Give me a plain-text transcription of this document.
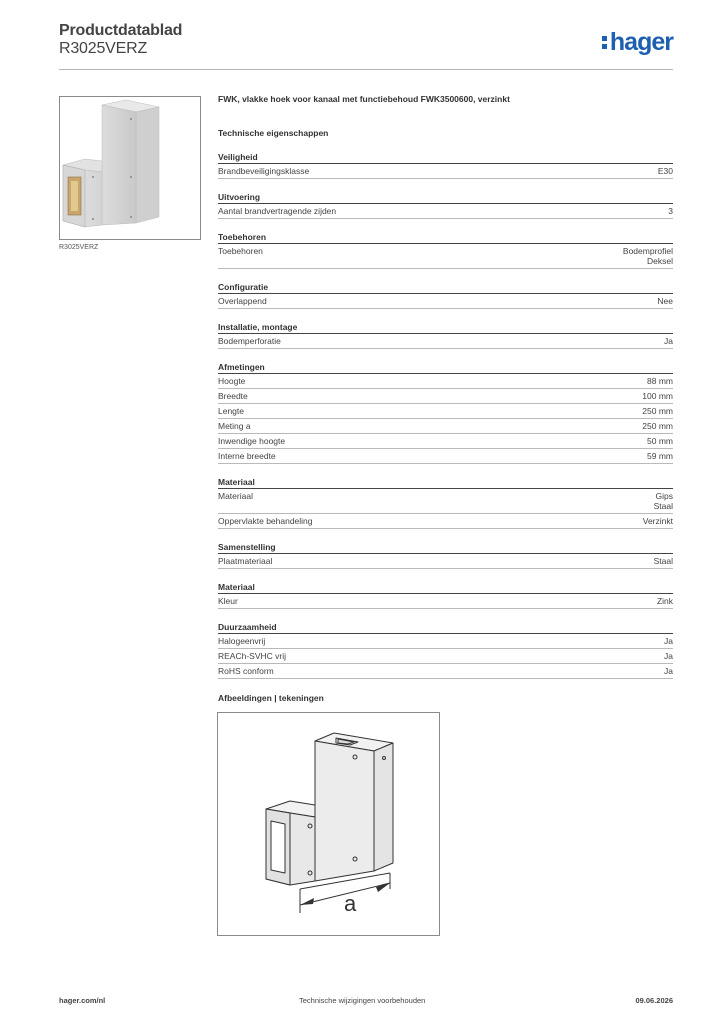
Productdatablad
R3025VERZ	hager
R3025VERZ
FWK, vlakke hoek voor kanaal met functiebehoud FWK3500600, verzinkt
Technische eigenschappen
Veiligheid
Brandbeveiligingsklasse	E30
Uitvoering
Aantal brandvertragende zijden	3
Toebehoren
Toebehoren	Bodemprofiel
Deksel
Configuratie
Overlappend	Nee
Installatie, montage
Bodemperforatie	Ja
Afmetingen
Hoogte	88 mm
Breedte	100 mm
Lengte	250 mm
Meting a	250 mm
Inwendige hoogte	50 mm
Interne breedte	59 mm
Materiaal
Materiaal	Gips
Staal
Oppervlakte behandeling	Verzinkt
Samenstelling
Plaatmateriaal	Staal
Materiaal
Kleur	Zink
Duurzaamheid
Halogeenvrij	Ja
REACh-SVHC vrij	Ja
RoHS conform	Ja
Afbeeldingen | tekeningen
a
hager.com/nl	Technische wijzigingen voorbehouden	09.06.2026
